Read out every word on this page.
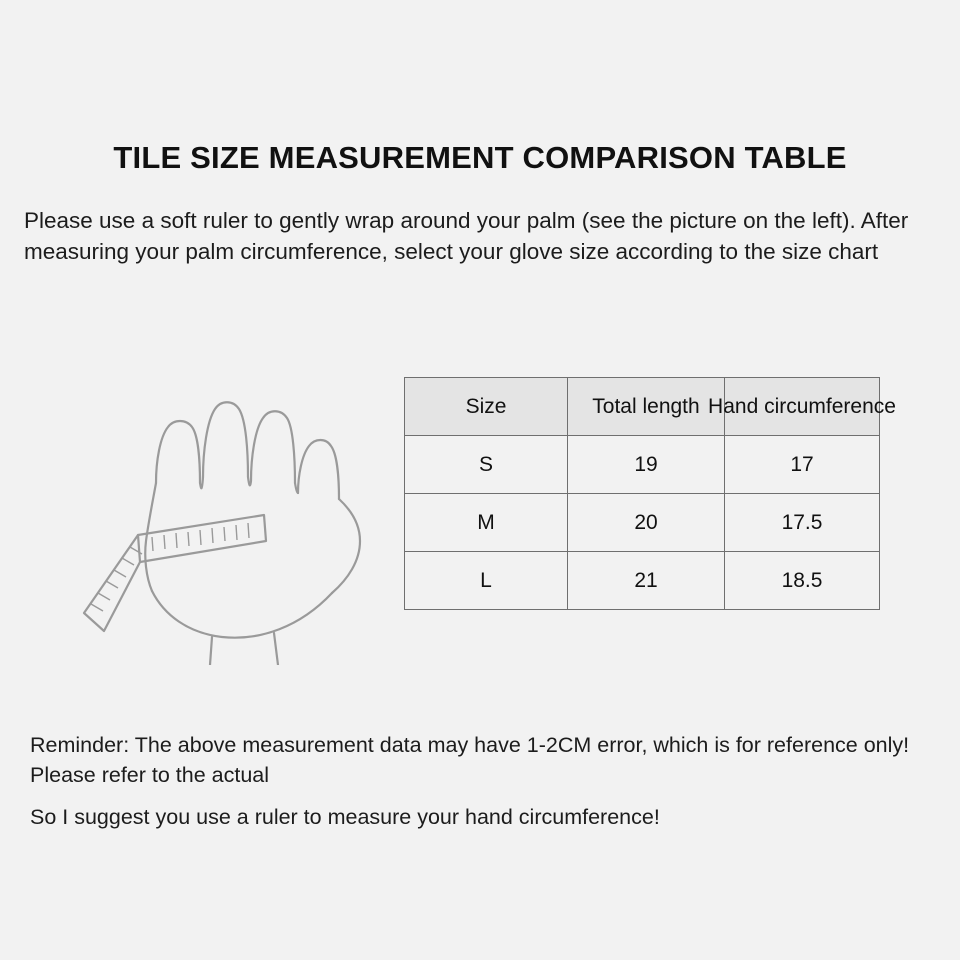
TILE SIZE MEASUREMENT COMPARISON TABLE
Please use a soft ruler to gently wrap around your palm (see the picture on the left). After measuring your palm circumference, select your glove size according to the size chart
Size	Total length	Hand circumference

S	19	17
M	20	17.5
L	21	18.5
Reminder: The above measurement data may have 1-2CM error, which is for reference only! Please refer to the actual
So I suggest you use a ruler to measure your hand circumference!
